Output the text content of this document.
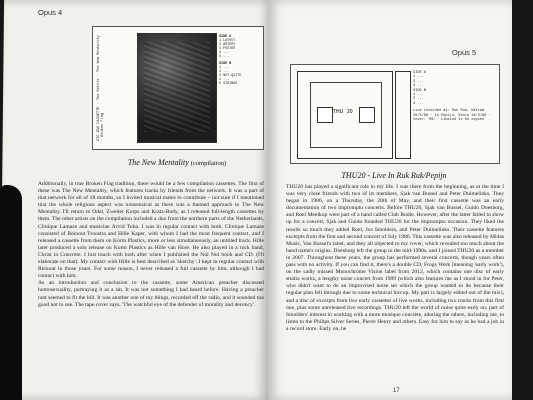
Opus 4
ZIG ZAG CASSETTE · The Kettle · The New Mentality · Broken Flag
SIDE A
1 LAYOUT
2 ARTERY
3 POSTER
4 ...
5 ...
SIDE B
1 ...
2 ...
3 NOT QUITE
4 ...
5 STRINGS
The New Mentality (compilation)

Additionally, in true Broken Flag tradition, there would be a few compilation cassettes. The first of these was The New Mentality, which features tracks by friends from the network. It was a part of that network for all of 18 months, so I invited musical mates to contribute – not sure if I mentioned that the whole religious aspect was nonsensical as there was a themed approach to The New Mentality. I'll return to Odal, Zweiter Korps and Kratz-Body, as I released full-length cassettes by them. The other artists on the compilation included a duo from the northern parts of the Netherlands, Clinique Lamaze and musician Arvid Tuba. I was in regular contact with both. Clinique Lamaze consisted of Reinout Troostra and Hille Kaper, with whom I had the most frequent contact, and I released a cassette from them on Korm Plastics, more or less simultaneously, an untitled track. Hille later produced a solo release on Korm Plastics as Hille van Hore. He also played in a rock band, Christ in Concrete. I lost touch with both after when I published the Nul Nul book and CD. (I'll elaborate on that). My contact with Hille is best described as 'sketchy'. I kept in regular contact with Reinout in those years. For some reason, I never released a full cassette by him, although I had contact with him.

As an introduction and conclusion to the cassette, some American preacher discussed homosexuality, portraying it as a sin. It was not something I had heard before. Having a preacher rant seemed to fit the bill. It was another one of my things, recorded off the radio, and it sounded too good not to use. The tape cover says, 'The watchful eye of the defender of morality and decency'.

Opus 5
THU 20
SIDE A
1 ...
2 ...
3 ...
SIDE B
1 ...
2 ...
3 ...
Live recorded at: Ruk Ruk, Hattem 10/5/86 · In Pepijn, Venlo 19/2/86 · Cover: THU · Limited to 50 copies
THU20 - Live In Ruk Ruk/Pepijn

THU20 has played a significant role in my life. I was there from the beginning, as at the time I was very close friends with two of its members, Sjak van Bussel and Peter Duimelinks. They began in 1986, on a Thursday, the 20th of May, and their first cassette was an early documentation of two impromptu concerts. Before THU20, Sjak van Bussel, Guido Doesborg, and Roel Meelkop were part of a band called Club Rudie. However, after the latter failed to show up for a concert, Sjak and Guido founded THU20 for the impromptu occasion. They liked the results so much they added Roel, Jos Smolders, and Peter Duimelinks. Their cassette features excerpts from the first and second concert of July 1986. This cassette was also released by Midas Music, Van Bussel's label, and they all objected to my cover, which revealed too much about the band name's origins. Doesborg left the group in the mid-1990s, and I joined THU20 as a member in 2007. Throughout these years, the group has performed several concerts, though years often pass with no activity. If you can find it, there's a double CD, Frogs Werk (meaning 'early work'), on the sadly missed Monochrome Vision label from 2012, which contains one disc of early studio works, a lengthy noise concert from 1989 (which also features me as I stood in for Peter, who didn't want to do an improvised noise set which the group wanted to do because their regular plan fell through due to some technical hiccup. My part is largely edited out of the mix), and a disc of excerpts from two early cassettes of live works, including two tracks from this first one, plus some unreleased live recordings. THU20 left the world of noise quite early on, part of Smolders' interest in working with a more musique concrète, adoring the others, including me, to listen to the Philips Silver Series, Pierre Henry and others. Easy for him to say as he had a job in a record store. Early on, he

17
